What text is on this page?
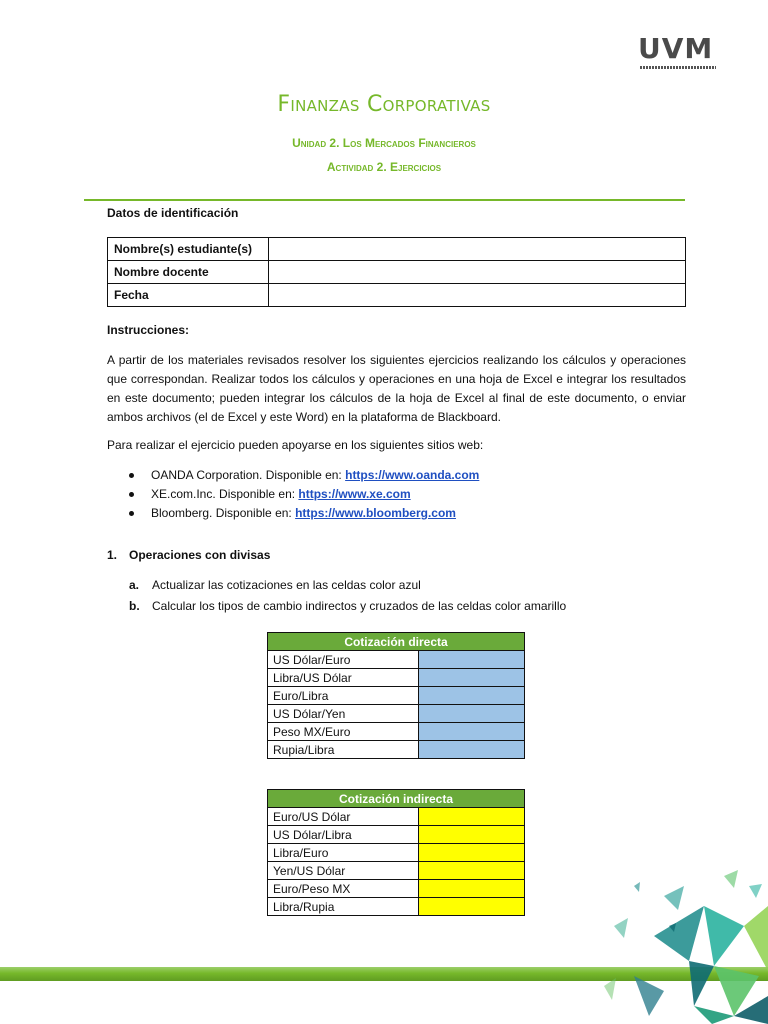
UVM
Finanzas Corporativas
Unidad 2. Los Mercados Financieros
Actividad 2. Ejercicios
Datos de identificación
Nombre(s) estudiante(s)	
Nombre docente	
Fecha	
Instrucciones:
A partir de los materiales revisados resolver los siguientes ejercicios realizando los cálculos y operaciones que correspondan. Realizar todos los cálculos y operaciones en una hoja de Excel e integrar los resultados en este documento; pueden integrar los cálculos de la hoja de Excel al final de este documento, o enviar ambos archivos (el de Excel y este Word) en la plataforma de Blackboard.
Para realizar el ejercicio pueden apoyarse en los siguientes sitios web:
OANDA Corporation. Disponible en: https://www.oanda.com
XE.com.Inc. Disponible en: https://www.xe.com
Bloomberg. Disponible en: https://www.bloomberg.com
1. Operaciones con divisas
a. Actualizar las cotizaciones en las celdas color azul
b. Calcular los tipos de cambio indirectos y cruzados de las celdas color amarillo
Cotización directa	
US Dólar/Euro	
Libra/US Dólar	
Euro/Libra	
US Dólar/Yen	
Peso MX/Euro	
Rupia/Libra	
Cotización indirecta	
Euro/US Dólar	
US Dólar/Libra	
Libra/Euro	
Yen/US Dólar	
Euro/Peso MX	
Libra/Rupia	
